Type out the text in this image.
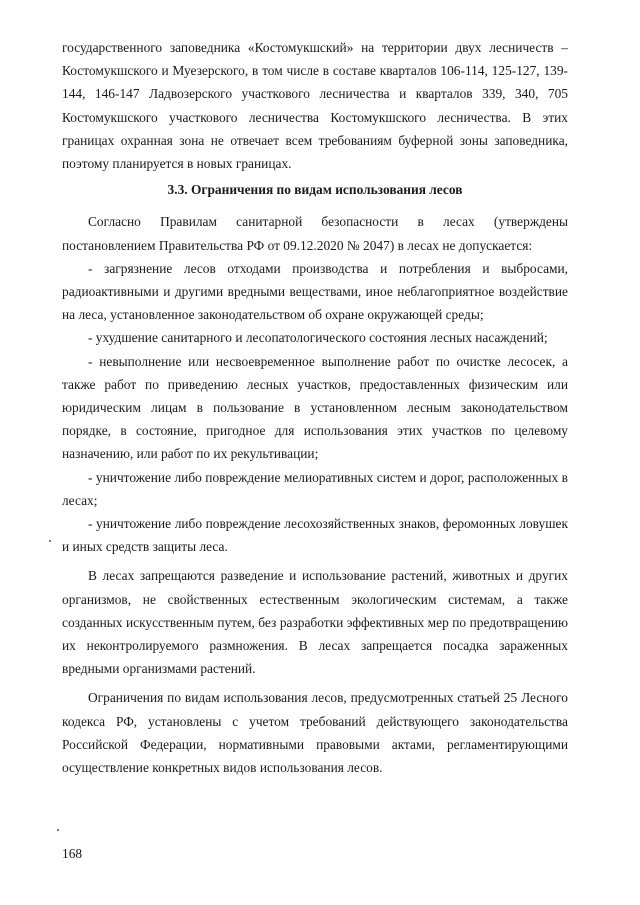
государственного заповедника «Костомукшский» на территории двух лесничеств – Костомукшского и Муезерского, в том числе в составе кварталов 106-114, 125-127, 139-144, 146-147 Ладвозерского участкового лесничества и кварталов 339, 340, 705 Костомукшского участкового лесничества Костомукшского лесничества. В этих границах охранная зона не отвечает всем требованиям буферной зоны заповедника, поэтому планируется в новых границах.

3.3. Ограничения по видам использования лесов

Согласно Правилам санитарной безопасности в лесах (утверждены постановлением Правительства РФ от 09.12.2020 № 2047) в лесах не допускается:

- загрязнение лесов отходами производства и потребления и выбросами, радиоактивными и другими вредными веществами, иное неблагоприятное воздействие на леса, установленное законодательством об охране окружающей среды;

- ухудшение санитарного и лесопатологического состояния лесных насаждений;

- невыполнение или несвоевременное выполнение работ по очистке лесосек, а также работ по приведению лесных участков, предоставленных физическим или юридическим лицам в пользование в установленном лесным законодательством порядке, в состояние, пригодное для использования этих участков по целевому назначению, или работ по их рекультивации;

- уничтожение либо повреждение мелиоративных систем и дорог, расположенных в лесах;

- уничтожение либо повреждение лесохозяйственных знаков, феромонных ловушек и иных средств защиты леса.

В лесах запрещаются разведение и использование растений, животных и других организмов, не свойственных естественным экологическим системам, а также созданных искусственным путем, без разработки эффективных мер по предотвращению их неконтролируемого размножения. В лесах запрещается посадка зараженных вредными организмами растений.

Ограничения по видам использования лесов, предусмотренных статьей 25 Лесного кодекса РФ, установлены с учетом требований действующего законодательства Российской Федерации, нормативными правовыми актами, регламентирующими осуществление конкретных видов использования лесов.

168
